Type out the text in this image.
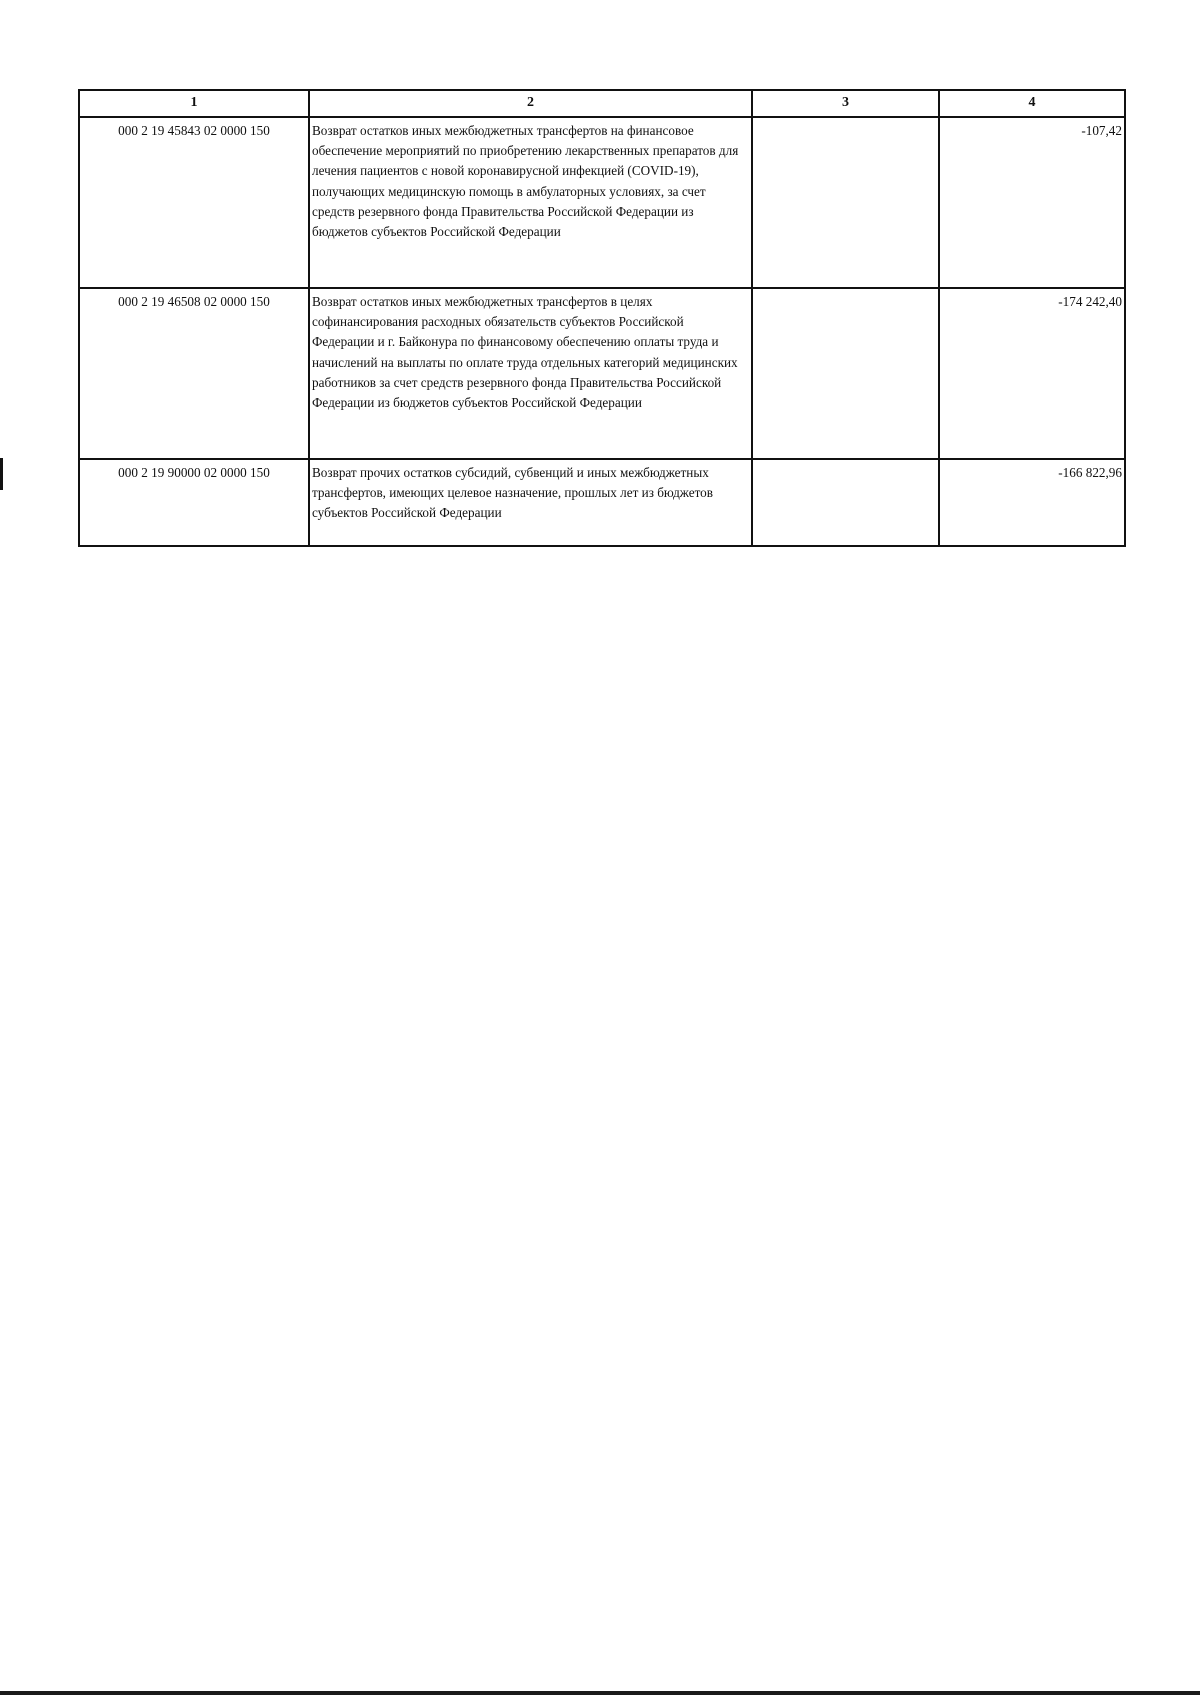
1	2	3	4
000 2 19 45843 02 0000 150	Возврат остатков иных межбюджетных трансфертов на финансовое обеспечение мероприятий по приобретению лекарственных препаратов для лечения пациентов с новой коронавирусной инфекцией (COVID-19), получающих медицинскую помощь в амбулаторных условиях, за счет средств резервного фонда Правительства Российской Федерации из бюджетов субъектов Российской Федерации		-107,42
000 2 19 46508 02 0000 150	Возврат остатков иных межбюджетных трансфертов в целях софинансирования расходных обязательств субъектов Российской Федерации и г. Байконура по финансовому обеспечению оплаты труда и начислений на выплаты по оплате труда отдельных категорий медицинских работников за счет средств резервного фонда Правительства Российской Федерации из бюджетов субъектов Российской Федерации		-174 242,40
000 2 19 90000 02 0000 150	Возврат прочих остатков субсидий, субвенций и иных межбюджетных трансфертов, имеющих целевое назначение, прошлых лет из бюджетов субъектов Российской Федерации		-166 822,96
